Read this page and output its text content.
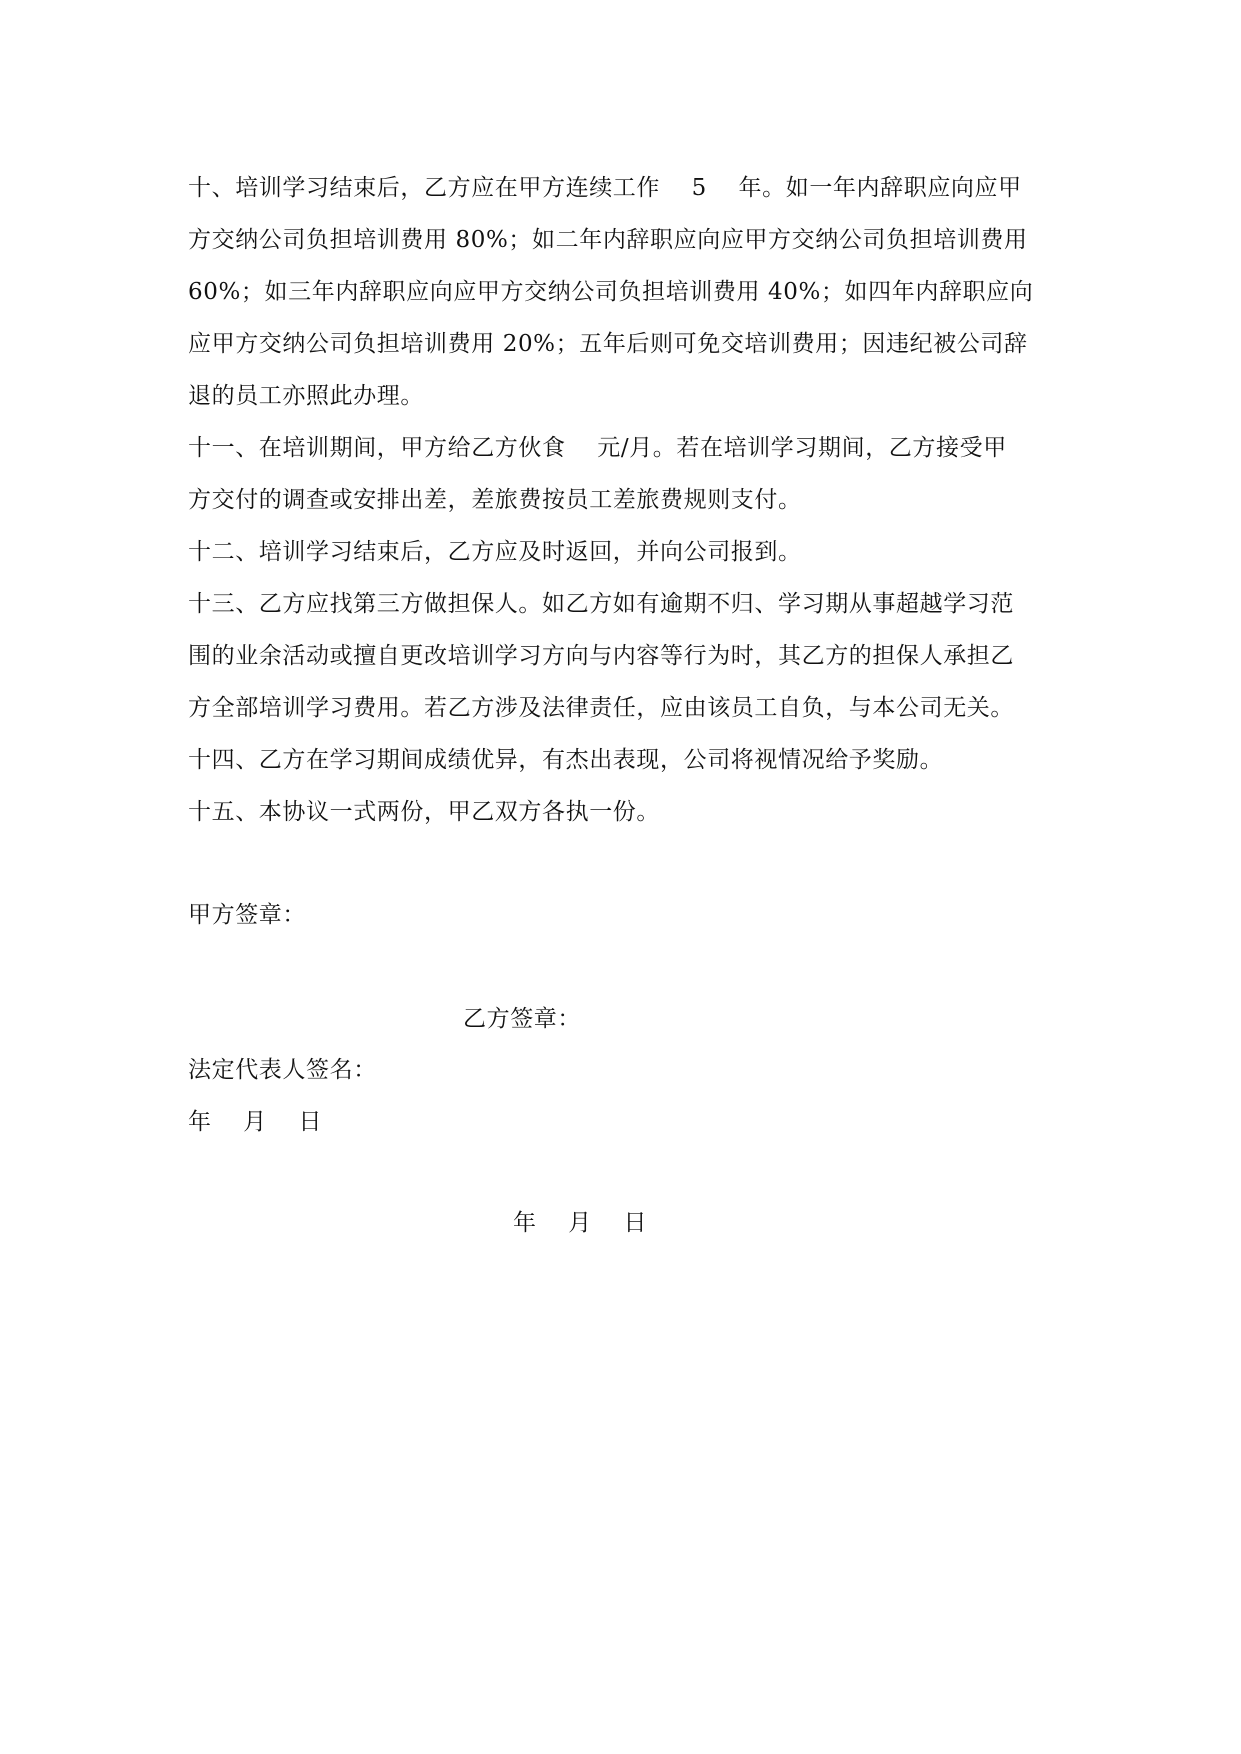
十、培训学习结束后，乙方应在甲方连续工作    5    年。如一年内辞职应向应甲
方交纳公司负担培训费用 80%；如二年内辞职应向应甲方交纳公司负担培训费用
60%；如三年内辞职应向应甲方交纳公司负担培训费用 40%；如四年内辞职应向
应甲方交纳公司负担培训费用 20%；五年后则可免交培训费用；因违纪被公司辞
退的员工亦照此办理。
十一、在培训期间，甲方给乙方伙食    元/月。若在培训学习期间，乙方接受甲
方交付的调查或安排出差，差旅费按员工差旅费规则支付。
十二、培训学习结束后，乙方应及时返回，并向公司报到。
十三、乙方应找第三方做担保人。如乙方如有逾期不归、学习期从事超越学习范
围的业余活动或擅自更改培训学习方向与内容等行为时，其乙方的担保人承担乙
方全部培训学习费用。若乙方涉及法律责任，应由该员工自负，与本公司无关。
十四、乙方在学习期间成绩优异，有杰出表现，公司将视情况给予奖励。
十五、本协议一式两份，甲乙双方各执一份。
甲方签章：
乙方签章：
法定代表人签名：
年    月    日
年    月    日
